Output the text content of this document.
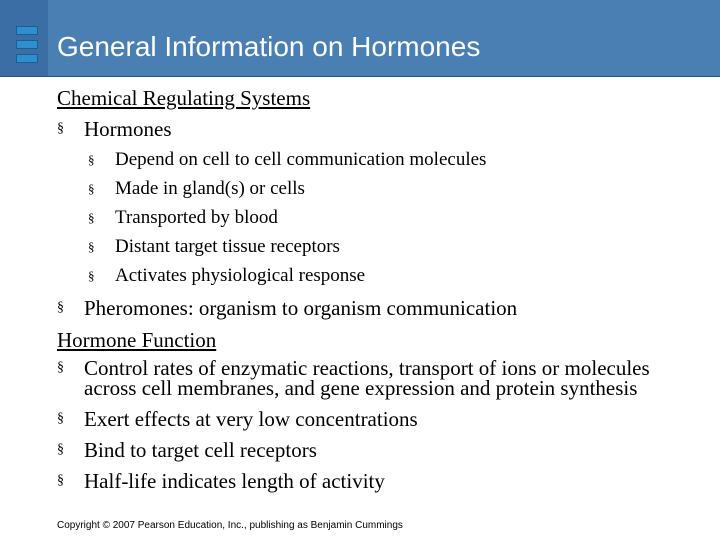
General Information on Hormones
Chemical Regulating Systems
§ Hormones
§ Depend on cell to cell communication molecules
§ Made in gland(s) or cells
§ Transported by blood
§ Distant target tissue receptors
§ Activates physiological response
§ Pheromones: organism to organism communication
Hormone Function
§ Control rates of enzymatic reactions, transport of ions or molecules across cell membranes, and gene expression and protein synthesis
§ Exert effects at very low concentrations
§ Bind to target cell receptors
§ Half-life indicates length of activity
Copyright © 2007 Pearson Education, Inc., publishing as Benjamin Cummings
